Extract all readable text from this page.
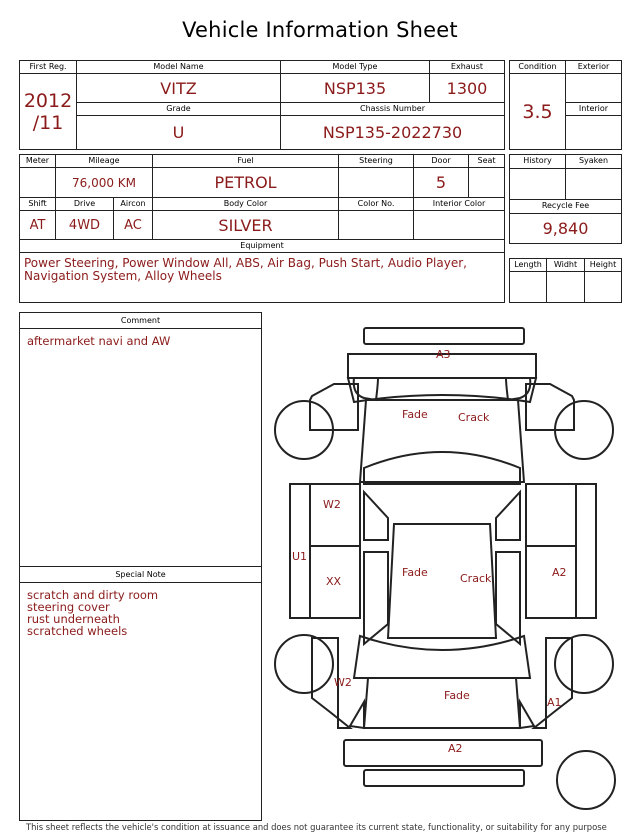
Vehicle Information Sheet
First Reg.	Model Name	Model Type	Exhaust
2012
/11	VITZ	NSP135	1300
	Grade	Chassis Number	
	U	NSP135-2022730	
Condition	Exterior
3.5	
	Interior

Meter	Mileage		Fuel	Steering	Door	Seat
	76,000 KM		PETROL		5	
Shift	Drive	Aircon	Body Color	Color No.	Interior Color	
AT	4WD	AC	SILVER			
Equipment						
Power Steering, Power Window All, ABS, Air Bag, Push Start, Audio Player, Navigation System, Alloy Wheels						
History	Syaken

Recycle Fee	
9,840	
Length	Widht	Height

Comment
aftermarket navi and AW
Special Note
scratch and dirty room
steering cover
rust underneath
scratched wheels
A3
Fade	Crack
W2
U1
XX
Fade	Crack	A2
W2
Fade
A1
A2
This sheet reflects the vehicle's condition at issuance and does not guarantee its current state, functionality, or suitability for any purpose
